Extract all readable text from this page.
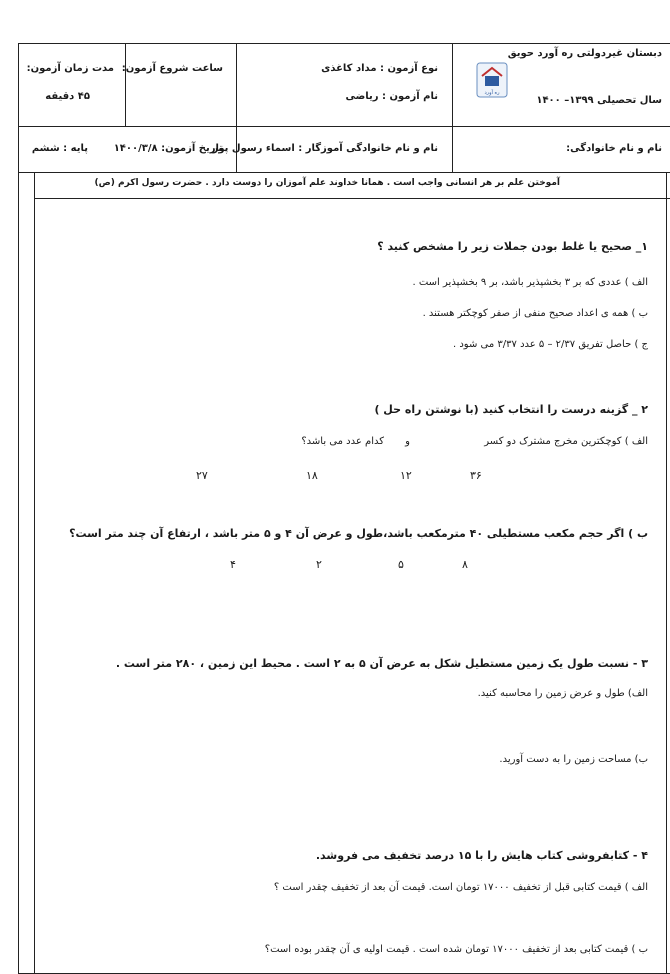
دبستان غیردولتی ره آورد حویق
سال تحصیلی ۱۳۹۹– ۱۴۰۰
ره آورد
نوع آزمون : مداد کاغذی
نام آزمون : ریاضی
ساعت شروع آزمون:
مدت زمان آزمون:
۴۵ دقیقه
نام و نام خانوادگی:
نام و نام خانوادگی آموزگار : اسماء رسول پور
تاریخ آزمون: ۱۴۰۰/۳/۸
پایه : ششم
آموختن علم بر هر انسانی واجب است . همانا خداوند علم آموزان را دوست دارد . حضرت رسول اکرم (ص)
۱_ صحیح یا غلط بودن جملات زیر را مشخص کنید ؟
الف ) عددی که بر ۳ بخشپذیر باشد، بر ۹ بخشپذیر است .
ب ) همه ی اعداد صحیح منفی از صفر کوچکتر هستند .
ج ) حاصل تفریق ۲/۳۷ – ۵ عدد ۳/۳۷ می شود .
۲ _ گزینه درست را انتخاب کنید (با نوشتن راه حل )
الف ) کوچکترین مخرج مشترک دو کسر
و
کدام عدد می باشد؟
۳۶
۱۲
۱۸
۲۷
ب ) اگر حجم مکعب مستطیلی ۴۰ مترمکعب باشد،طول و عرض آن ۴ و ۵ متر باشد ، ارتفاع آن چند متر است؟
۸
۵
۲
۴
۳ - نسبت طول یک زمین مستطیل شکل به عرض آن ۵ به ۲ است . محیط این زمین ، ۲۸۰ متر است .
الف) طول و عرض زمین را محاسبه کنید.
ب) مساحت زمین را به دست آورید.
۴ - کتابفروشی کتاب هایش را با ۱۵ درصد تخفیف می فروشد.
الف ) قیمت کتابی قبل از تخفیف ۱۷۰۰۰ تومان است. قیمت آن بعد از تخفیف چقدر است ؟
ب ) قیمت کتابی بعد از تخفیف ۱۷۰۰۰ تومان شده است . قیمت اولیه ی آن چقدر بوده است؟
